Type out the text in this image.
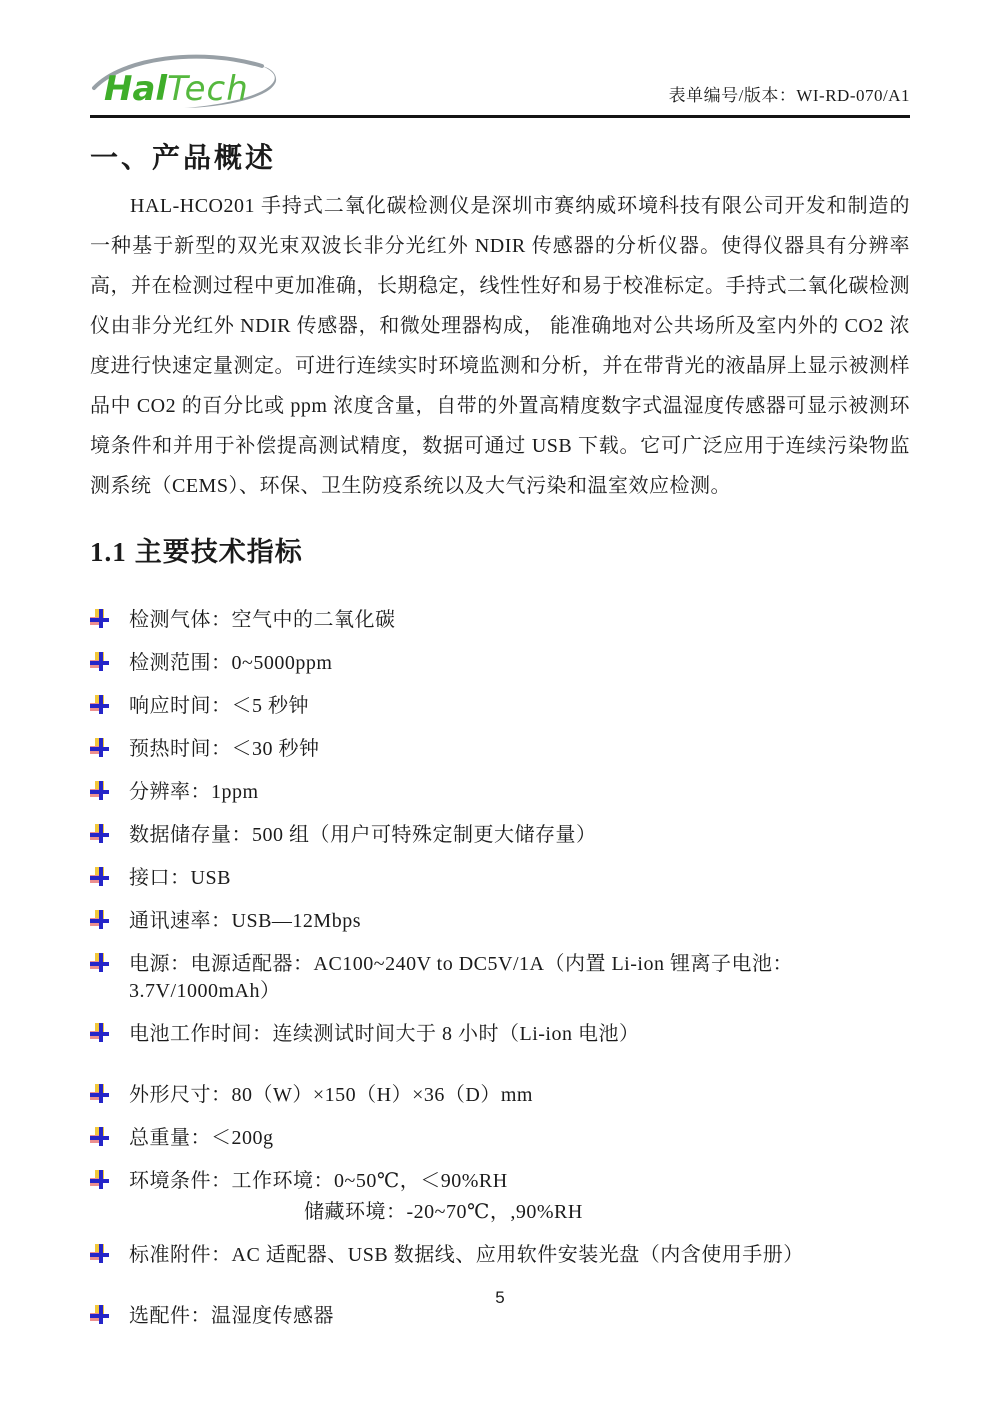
HalTech	表单编号/版本：WI-RD-070/A1
一、产品概述

HAL-HCO201 手持式二氧化碳检测仪是深圳市赛纳威环境科技有限公司开发和制造的一种基于新型的双光束双波长非分光红外 NDIR 传感器的分析仪器。使得仪器具有分辨率高，并在检测过程中更加准确，长期稳定，线性性好和易于校准标定。手持式二氧化碳检测仪由非分光红外 NDIR 传感器，和微处理器构成， 能准确地对公共场所及室内外的 CO2 浓度进行快速定量测定。可进行连续实时环境监测和分析，并在带背光的液晶屏上显示被测样品中 CO2 的百分比或 ppm 浓度含量，自带的外置高精度数字式温湿度传感器可显示被测环境条件和并用于补偿提高测试精度，数据可通过 USB 下载。它可广泛应用于连续污染物监测系统（CEMS）、环保、卫生防疫系统以及大气污染和温室效应检测。

1.1 主要技术指标
检测气体：空气中的二氧化碳
检测范围：0~5000ppm
响应时间：＜5 秒钟
预热时间：＜30 秒钟
分辨率：1ppm
数据储存量：500 组（用户可特殊定制更大储存量）
接口：USB
通讯速率：USB—12Mbps
电源：电源适配器：AC100~240V to DC5V/1A（内置 Li-ion 锂离子电池：3.7V/1000mAh）
电池工作时间：连续测试时间大于 8 小时（Li-ion 电池）
外形尺寸：80（W）×150（H）×36（D）mm
总重量：＜200g
环境条件：工作环境：0~50℃，＜90%RH
储藏环境：-20~70℃，,90%RH
标准附件：AC 适配器、USB 数据线、应用软件安装光盘（内含使用手册）
选配件：温湿度传感器
5
